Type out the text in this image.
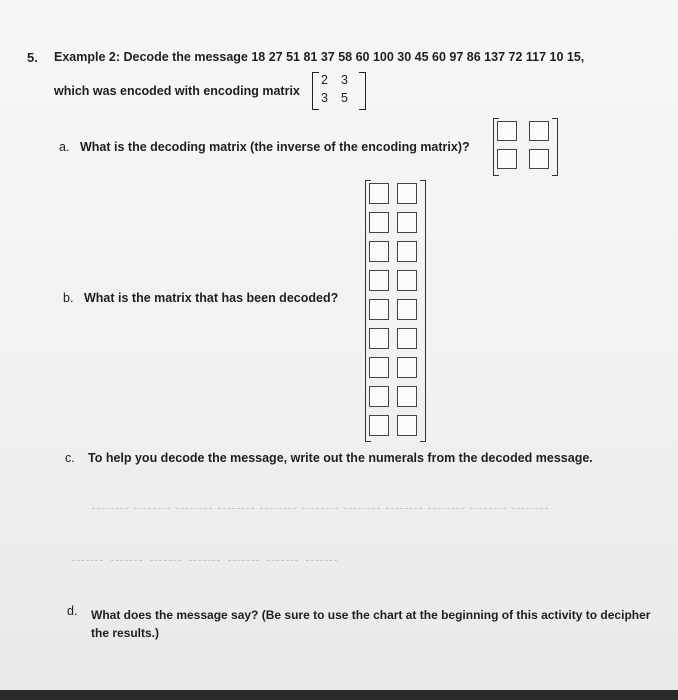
5. Example 2: Decode the message 18 27 51 81 37 58 60 100 30 45 60 97 86 137 72 117 10 15,
which was encoded with encoding matrix
2 3
3 5
a. What is the decoding matrix (the inverse of the encoding matrix)?
b. What is the matrix that has been decoded?
c. To help you decode the message, write out the numerals from the decoded message.
d. What does the message say? (Be sure to use the chart at the beginning of this activity to decipher the results.)
